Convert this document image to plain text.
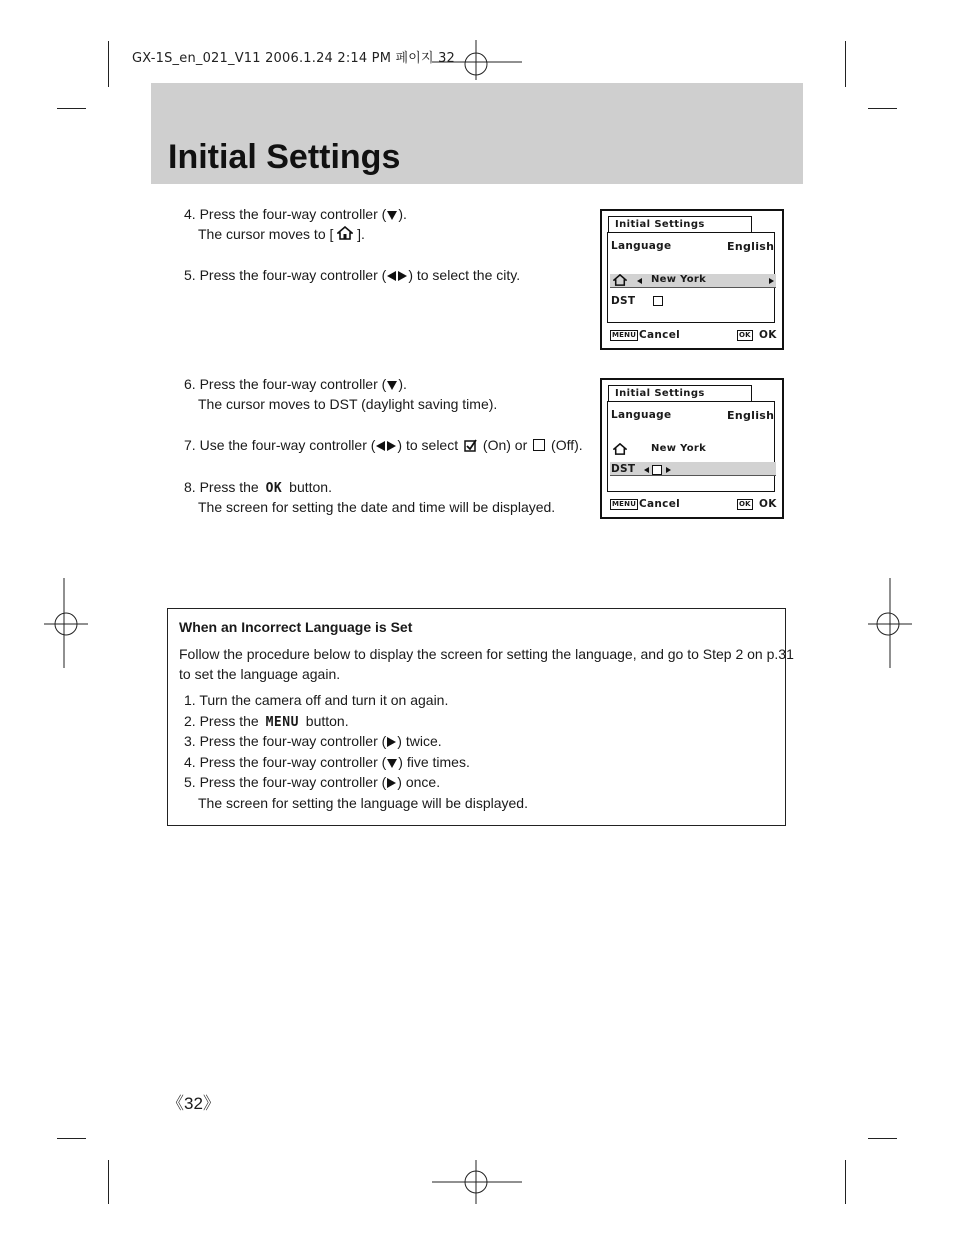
GX-1S_en_021_V11 2006.1.24 2:14 PM 페이지 32
Initial Settings
4. Press the four-way controller ( ).
The cursor moves to [ ].
5. Press the four-way controller ( ) to select the city.
Initial Settings
Language	English
New York
DST
MENU Cancel	OK OK
6. Press the four-way controller ( ).
The cursor moves to DST (daylight saving time).
7. Use the four-way controller ( ) to select (On) or (Off).
8. Press the OK button.
The screen for setting the date and time will be displayed.
Initial Settings
Language	English
New York
DST
MENU Cancel	OK OK
When an Incorrect Language is Set
Follow the procedure below to display the screen for setting the language, and go to Step 2 on p.31
to set the language again.
1. Turn the camera off and turn it on again.
2. Press the MENU button.
3. Press the four-way controller ( ) twice.
4. Press the four-way controller ( ) five times.
5. Press the four-way controller ( ) once.
The screen for setting the language will be displayed.
《32》
